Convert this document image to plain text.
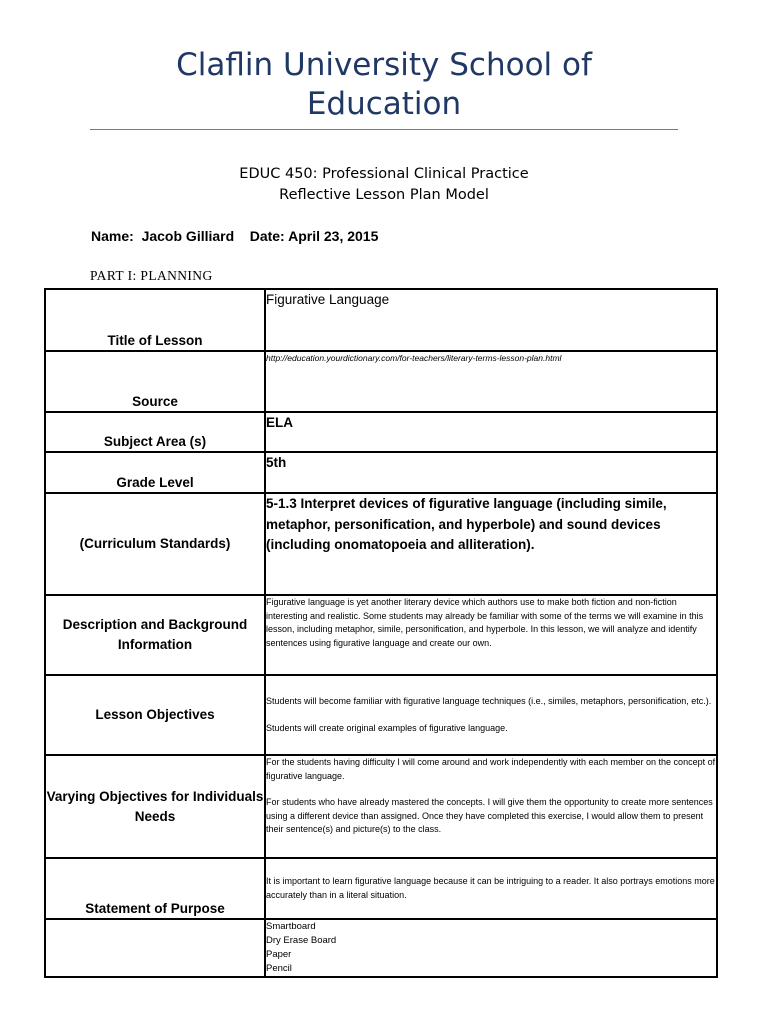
Claflin University School of
Education
EDUC 450: Professional Clinical Practice
Reflective Lesson Plan Model
Name:  Jacob Gilliard    Date: April 23, 2015
PART I: PLANNING
Title of Lesson	Figurative Language

Source	http://education.yourdictionary.com/for-teachers/literary-terms-lesson-plan.html

Subject Area (s)	ELA

Grade Level	5th

(Curriculum Standards)	5-1.3 Interpret devices of figurative language (including simile,
metaphor, personification, and hyperbole) and sound devices
(including onomatopoeia and alliteration).

Description and Background Information	Figurative language is yet another literary device which authors use to make both fiction and non-fiction interesting and realistic. Some students may already be familiar with some of the terms we will examine in this lesson, including metaphor, simile, personification, and hyperbole. In this lesson, we will analyze and identify sentences using figurative language and create our own.

Lesson Objectives	Students will become familiar with figurative language techniques (i.e., similes, metaphors, personification, etc.).
Students will create original examples of figurative language.

Varying Objectives for Individuals Needs	For the students having difficulty I will come around and work independently with each member on the concept of figurative language.
For students who have already mastered the concepts. I will give them the opportunity to create more sentences using a different device than assigned. Once they have completed this exercise, I would allow them to present their sentence(s) and picture(s) to the class.

Statement of Purpose	It is important to learn figurative language because it can be intriguing to a reader. It also portrays emotions more accurately than in a literal situation.

	Smartboard
Dry Erase Board
Paper
Pencil
